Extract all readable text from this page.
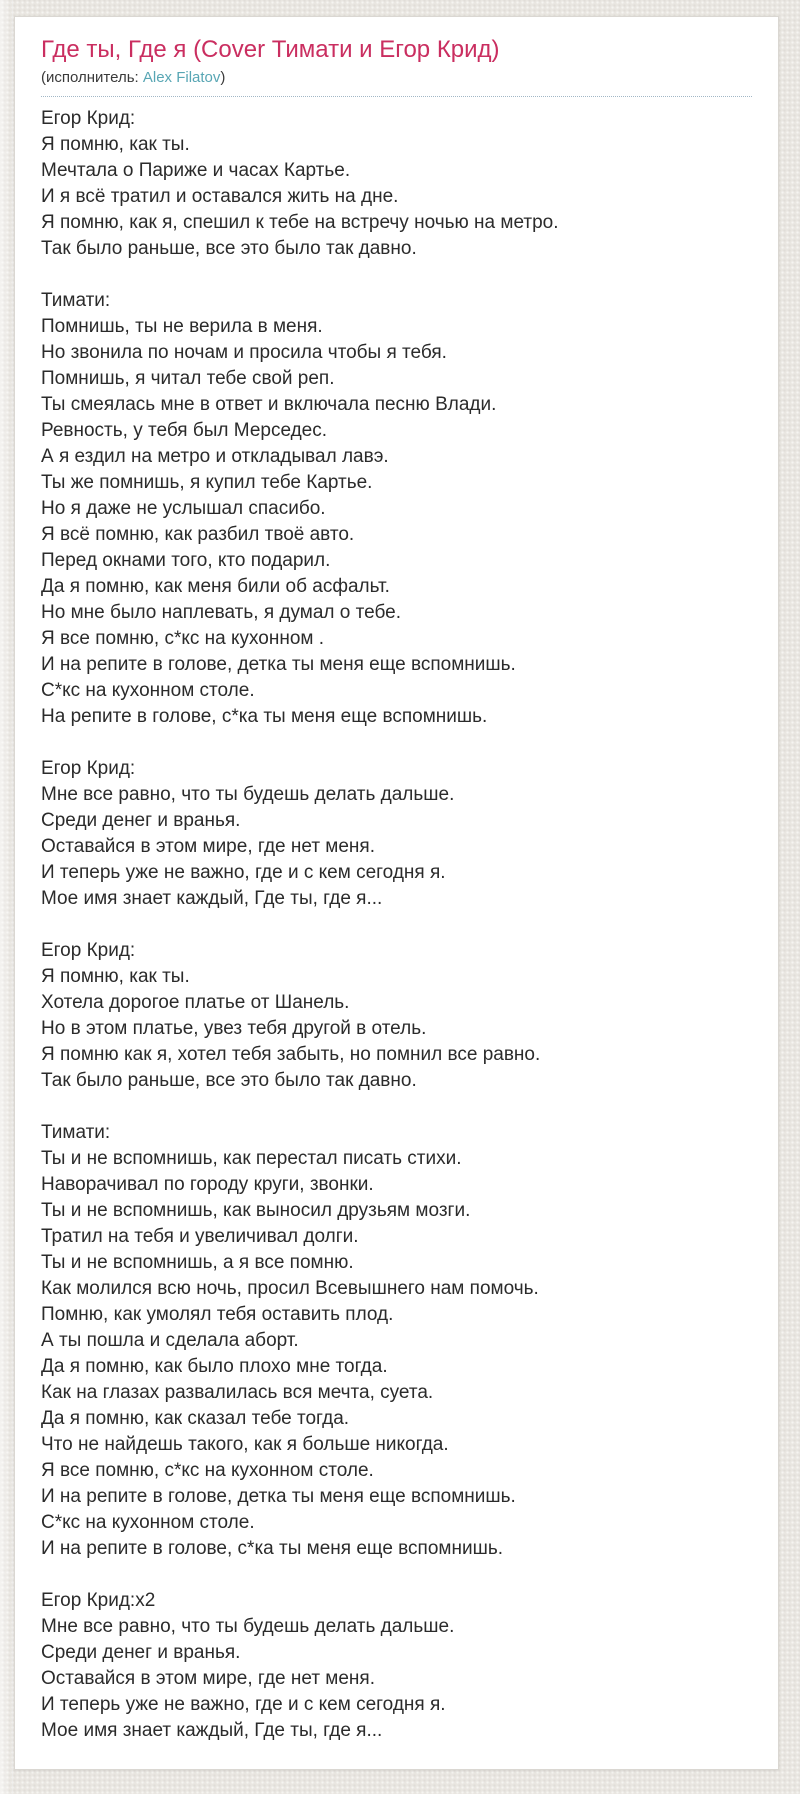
Где ты, Где я (Cover Тимати и Егор Крид)
(исполнитель: Alex Filatov)
Егор Крид:
Я помню, как ты.
Мечтала о Париже и часах Картье.
И я всё тратил и оставался жить на дне.
Я помню, как я, спешил к тебе на встречу ночью на метро.
Так было раньше, все это было так давно.
Тимати:
Помнишь, ты не верила в меня.
Но звонила по ночам и просила чтобы я тебя.
Помнишь, я читал тебе свой реп.
Ты смеялась мне в ответ и включала песню Влади.
Ревность, у тебя был Мерседес.
А я ездил на метро и откладывал лавэ.
Ты же помнишь, я купил тебе Картье.
Но я даже не услышал спасибо.
Я всё помню, как разбил твоё авто.
Перед окнами того, кто подарил.
Да я помню, как меня били об асфальт.
Но мне было наплевать, я думал о тебе.
Я все помню, с*кс на кухонном .
И на репите в голове, детка ты меня еще вспомнишь.
С*кс на кухонном столе.
На репите в голове, с*ка ты меня еще вспомнишь.
Егор Крид:
Мне все равно, что ты будешь делать дальше.
Среди денег и вранья.
Оставайся в этом мире, где нет меня.
И теперь уже не важно, где и с кем сегодня я.
Мое имя знает каждый, Где ты, где я...
Егор Крид:
Я помню, как ты.
Хотела дорогое платье от Шанель.
Но в этом платье, увез тебя другой в отель.
Я помню как я, хотел тебя забыть, но помнил все равно.
Так было раньше, все это было так давно.
Тимати:
Ты и не вспомнишь, как перестал писать стихи.
Наворачивал по городу круги, звонки.
Ты и не вспомнишь, как выносил друзьям мозги.
Тратил на тебя и увеличивал долги.
Ты и не вспомнишь, а я все помню.
Как молился всю ночь, просил Всевышнего нам помочь.
Помню, как умолял тебя оставить плод.
А ты пошла и сделала аборт.
Да я помню, как было плохо мне тогда.
Как на глазах развалилась вся мечта, суета.
Да я помню, как сказал тебе тогда.
Что не найдешь такого, как я больше никогда.
Я все помню, с*кс на кухонном столе.
И на репите в голове, детка ты меня еще вспомнишь.
С*кс на кухонном столе.
И на репите в голове, с*ка ты меня еще вспомнишь.
Егор Крид:x2
Мне все равно, что ты будешь делать дальше.
Среди денег и вранья.
Оставайся в этом мире, где нет меня.
И теперь уже не важно, где и с кем сегодня я.
Мое имя знает каждый, Где ты, где я...
